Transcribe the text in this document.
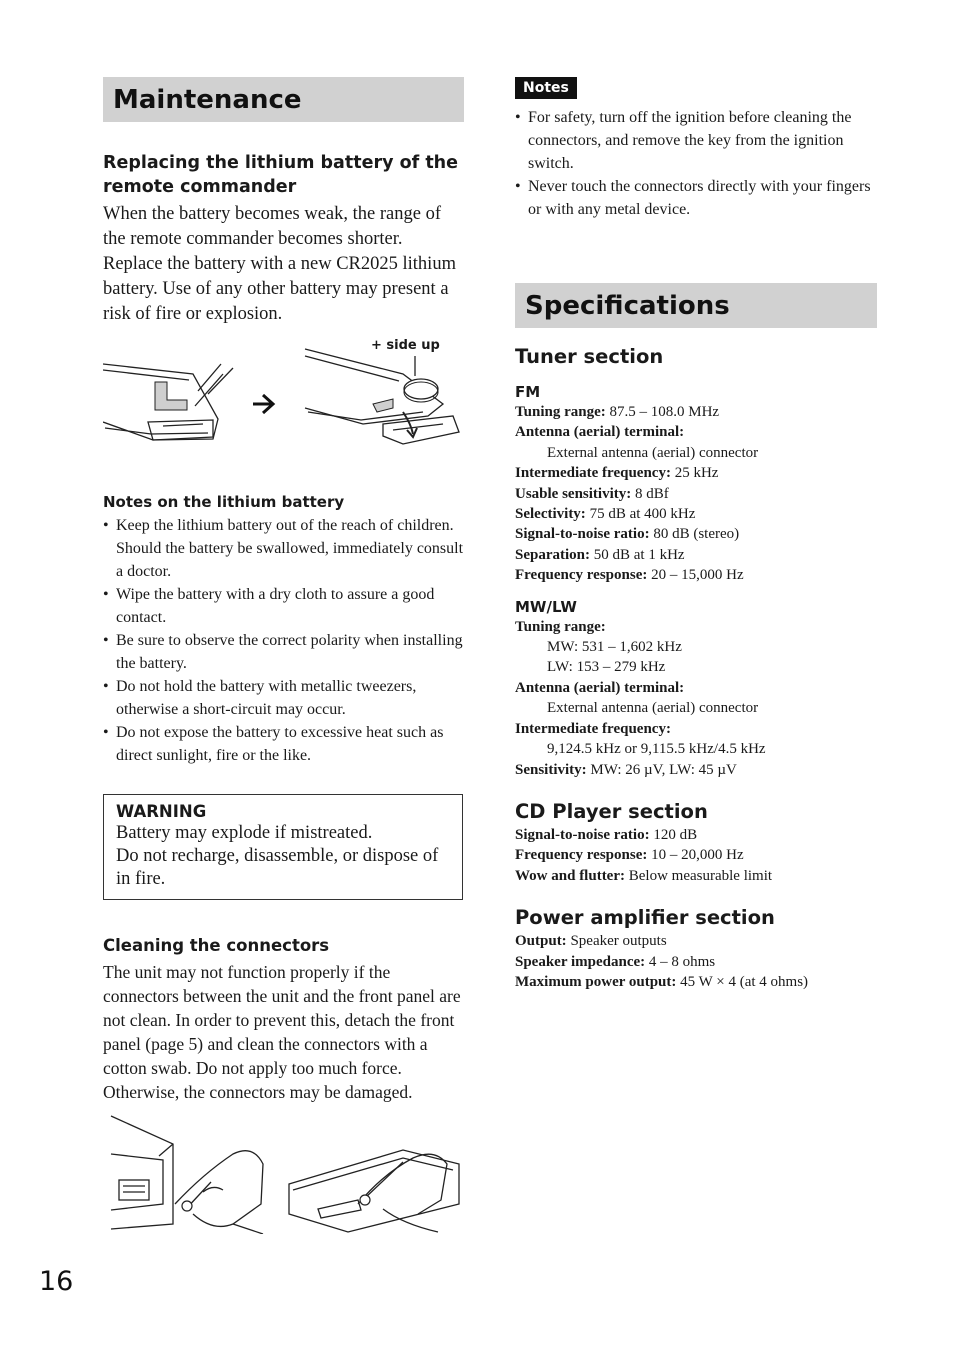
Maintenance

Replacing the lithium battery of the remote commander

When the battery becomes weak, the range of the remote commander becomes shorter. Replace the battery with a new CR2025 lithium battery. Use of any other battery may present a risk of fire or explosion.

+ side up

Notes on the lithium battery

• Keep the lithium battery out of the reach of children. Should the battery be swallowed, immediately consult a doctor.
• Wipe the battery with a dry cloth to assure a good contact.
• Be sure to observe the correct polarity when installing the battery.
• Do not hold the battery with metallic tweezers, otherwise a short-circuit may occur.
• Do not expose the battery to excessive heat such as direct sunlight, fire or the like.
WARNING
Battery may explode if mistreated.
Do not recharge, disassemble, or dispose of in fire.

Cleaning the connectors

The unit may not function properly if the connectors between the unit and the front panel are not clean. In order to prevent this, detach the front panel (page 5) and clean the connectors with a cotton swab. Do not apply too much force. Otherwise, the connectors may be damaged.

Notes
• For safety, turn off the ignition before cleaning the connectors, and remove the key from the ignition switch.
• Never touch the connectors directly with your fingers or with any metal device.
Specifications

Tuner section

FM

Tuning range: 87.5 – 108.0 MHz

Antenna (aerial) terminal:

External antenna (aerial) connector

Intermediate frequency: 25 kHz

Usable sensitivity: 8 dBf

Selectivity: 75 dB at 400 kHz

Signal-to-noise ratio: 80 dB (stereo)

Separation: 50 dB at 1 kHz

Frequency response: 20 – 15,000 Hz

MW/LW

Tuning range:

MW: 531 – 1,602 kHz

LW: 153 – 279 kHz

Antenna (aerial) terminal:

External antenna (aerial) connector

Intermediate frequency:

9,124.5 kHz or 9,115.5 kHz/4.5 kHz

Sensitivity: MW: 26 µV, LW: 45 µV

CD Player section

Signal-to-noise ratio: 120 dB

Frequency response: 10 – 20,000 Hz

Wow and flutter: Below measurable limit

Power amplifier section

Output: Speaker outputs

Speaker impedance: 4 – 8 ohms

Maximum power output: 45 W × 4 (at 4 ohms)

16
